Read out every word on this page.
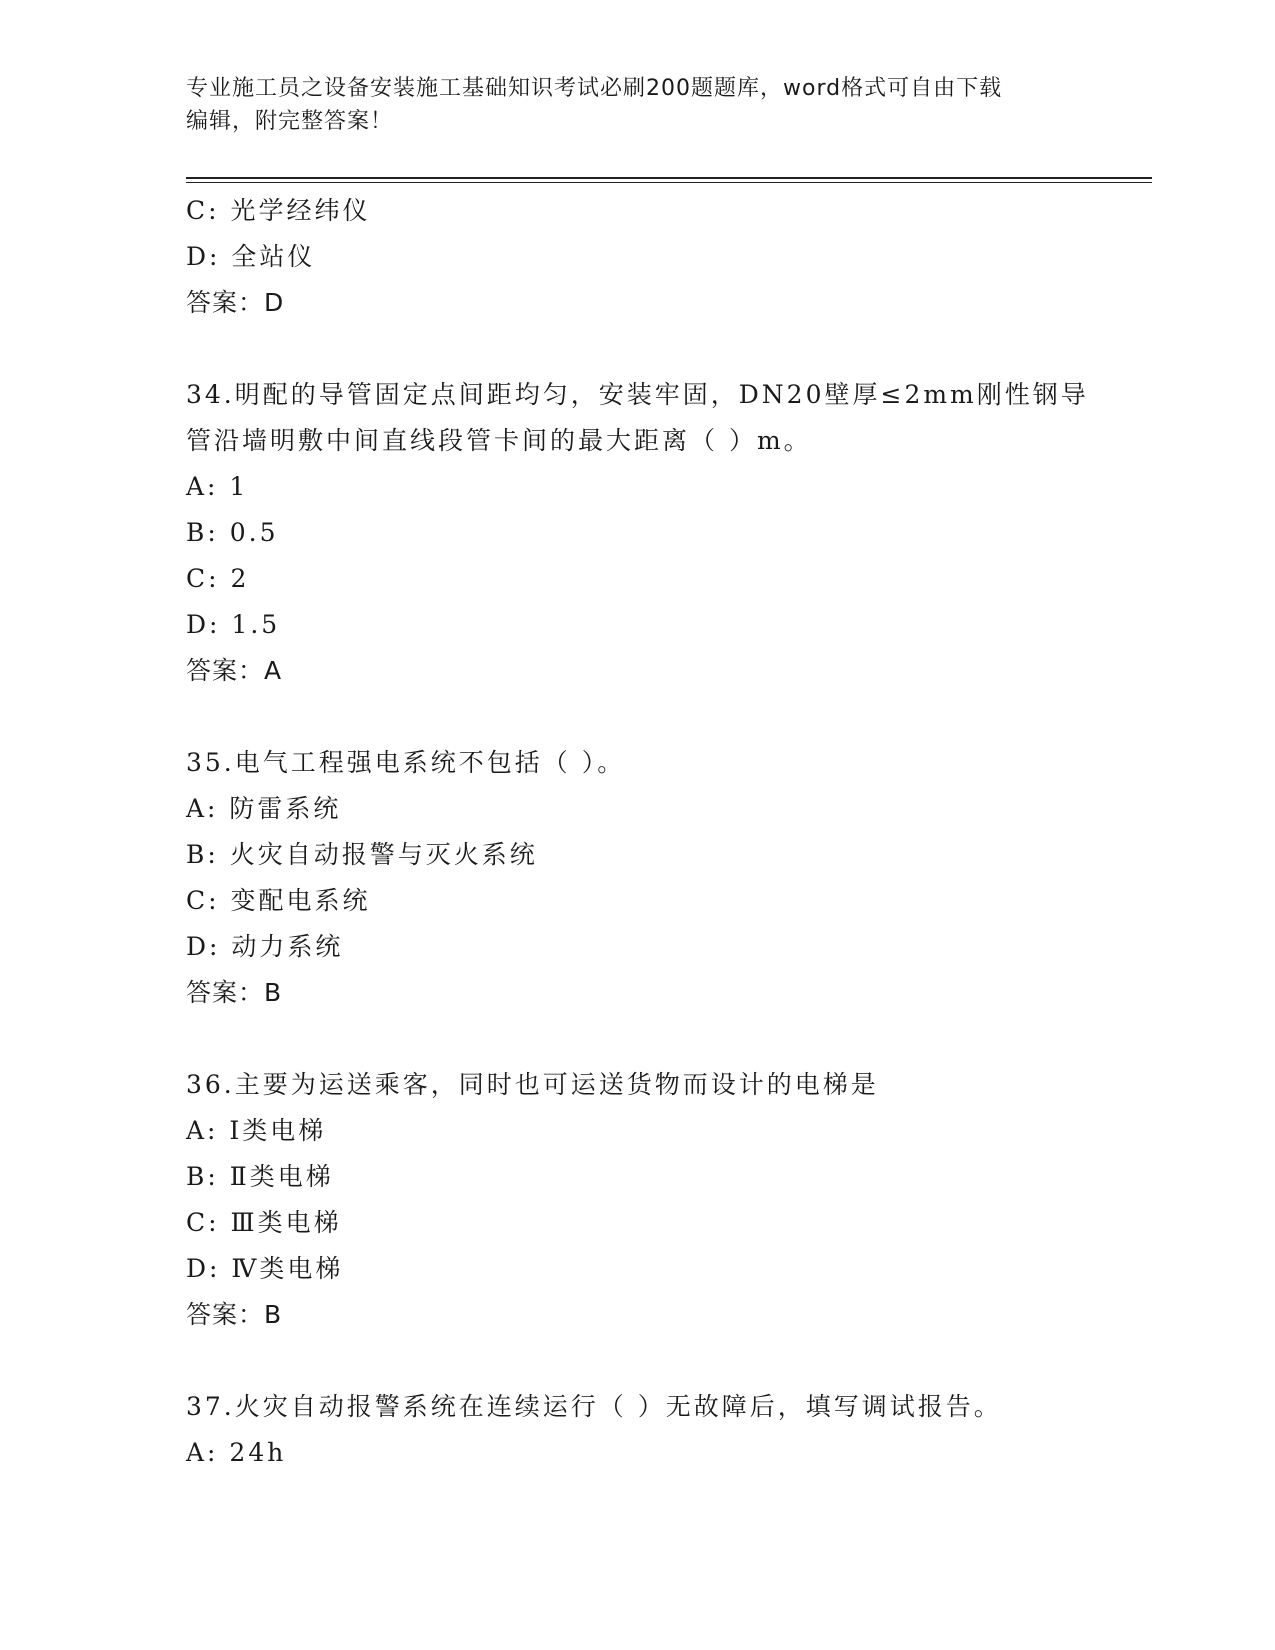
专业施工员之设备安装施工基础知识考试必刷200题题库，word格式可自由下载
编辑，附完整答案！
C: 光学经纬仪
D: 全站仪
答案：D
34.明配的导管固定点间距均匀，安装牢固，DN20壁厚≤2mm刚性钢导
管沿墙明敷中间直线段管卡间的最大距离（ ）m。
A: 1
B: 0.5
C: 2
D: 1.5
答案：A
35.电气工程强电系统不包括（ ）。
A: 防雷系统
B: 火灾自动报警与灭火系统
C: 变配电系统
D: 动力系统
答案：B
36.主要为运送乘客，同时也可运送货物而设计的电梯是
A: I类电梯
B: Ⅱ类电梯
C: Ⅲ类电梯
D: Ⅳ类电梯
答案：B
37.火灾自动报警系统在连续运行（ ）无故障后，填写调试报告。
A: 24h
